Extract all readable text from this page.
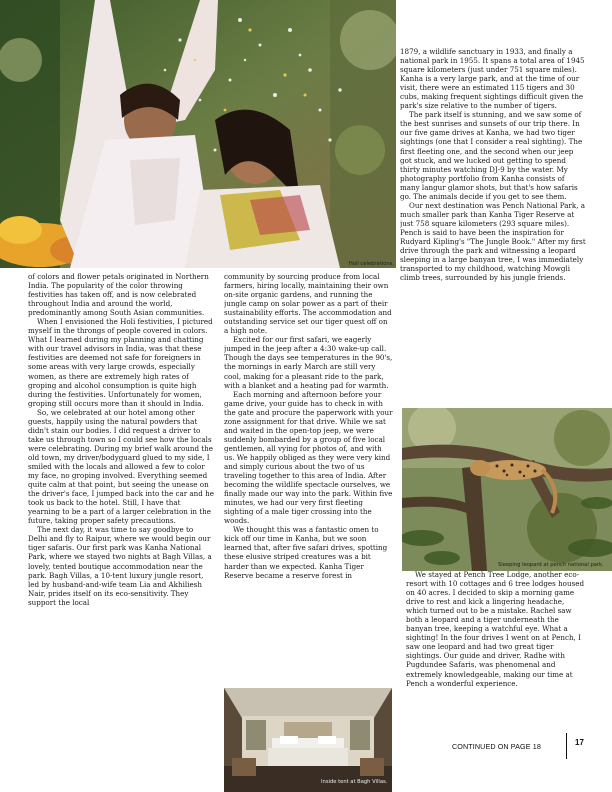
Holi celebrations.
Sleeping leopard at pench national park.
Inside tent at Bagh Villas.

of colors and flower petals originated in Northern India. The popularity of the color throwing festivities has taken off, and is now celebrated throughout India and around the world, predominantly among South Asian communities.

When I envisioned the Holi festivities, I pictured myself in the throngs of people covered in colors. What I learned during my planning and chatting with our travel advisors in India, was that these festivities are deemed not safe for foreigners in some areas with very large crowds, especially women, as there are extremely high rates of groping and alcohol consumption is quite high during the festivities. Unfortunately for women, groping still occurs more than it should in India.

So, we celebrated at our hotel among other guests, happily using the natural powders that didn't stain our bodies. I did request a driver to take us through town so I could see how the locals were celebrating. During my brief walk around the old town, my driver/bodyguard glued to my side, I smiled with the locals and allowed a few to color my face, no groping involved. Everything seemed quite calm at that point, but seeing the unease on the driver's face, I jumped back into the car and he took us back to the hotel. Still, I have that yearning to be a part of a larger celebration in the future, taking proper safety precautions.

The next day, it was time to say goodbye to Delhi and fly to Raipur, where we would begin our tiger safaris. Our first park was Kanha National Park, where we stayed two nights at Bagh Villas, a lovely, tented boutique accommodation near the park. Bagh Villas, a 10-tent luxury jungle resort, led by husband-and-wife team Lia and Akhiliesh Nair, prides itself on its eco-sensitivity. They support the local

community by sourcing produce from local farmers, hiring locally, maintaining their own on-site organic gardens, and running the jungle camp on solar power as a part of their sustainability efforts. The accommodation and outstanding service set our tiger quest off on a high note.

Excited for our first safari, we eagerly jumped in the jeep after a 4:30 wake-up call. Though the days see temperatures in the 90's, the mornings in early March are still very cool, making for a pleasant ride to the park, with a blanket and a heating pad for warmth.

Each morning and afternoon before your game drive, your guide has to check in with the gate and procure the paperwork with your zone assignment for that drive. While we sat and waited in the open-top jeep, we were suddenly bombarded by a group of five local gentlemen, all vying for photos of, and with us. We happily obliged as they were very kind and simply curious about the two of us traveling together to this area of India. After becoming the wildlife spectacle ourselves, we finally made our way into the park. Within five minutes, we had our very first fleeting sighting of a male tiger crossing into the woods.

We thought this was a fantastic omen to kick off our time in Kanha, but we soon learned that, after five safari drives, spotting these elusive striped creatures was a bit harder than we expected. Kanha Tiger Reserve became a reserve forest in

1879, a wildlife sanctuary in 1933, and finally a national park in 1955. It spans a total area of 1945 square kilometers (just under 751 square miles). Kanha is a very large park, and at the time of our visit, there were an estimated 115 tigers and 30 cubs, making frequent sightings difficult given the park's size relative to the number of tigers.

The park itself is stunning, and we saw some of the best sunrises and sunsets of our trip there. In our five game drives at Kanha, we had two tiger sightings (one that I consider a real sighting). The first fleeting one, and the second when our jeep got stuck, and we lucked out getting to spend thirty minutes watching DJ-9 by the water. My photography portfolio from Kanha consists of many langur glamor shots, but that's how safaris go. The animals decide if you get to see them.

Our next destination was Pench National Park, a much smaller park than Kanha Tiger Reserve at just 758 square kilometers (293 square miles). Pench is said to have been the inspiration for Rudyard Kipling's "The Jungle Book." After my first drive through the park and witnessing a leopard sleeping in a large banyan tree, I was immediately transported to my childhood, watching Mowgli climb trees, surrounded by his jungle friends.

We stayed at Pench Tree Lodge, another eco-resort with 10 cottages and 6 tree lodges housed on 40 acres. I decided to skip a morning game drive to rest and kick a lingering headache, which turned out to be a mistake. Rachel saw both a leopard and a tiger underneath the banyan tree, keeping a watchful eye. What a sighting! In the four drives I went on at Pench, I saw one leopard and had two great tiger sightings. Our guide and driver, Radhe with Pugdundee Safaris, was phenomenal and extremely knowledgeable, making our time at Pench a wonderful experience.

CONTINUED ON PAGE 18	17
